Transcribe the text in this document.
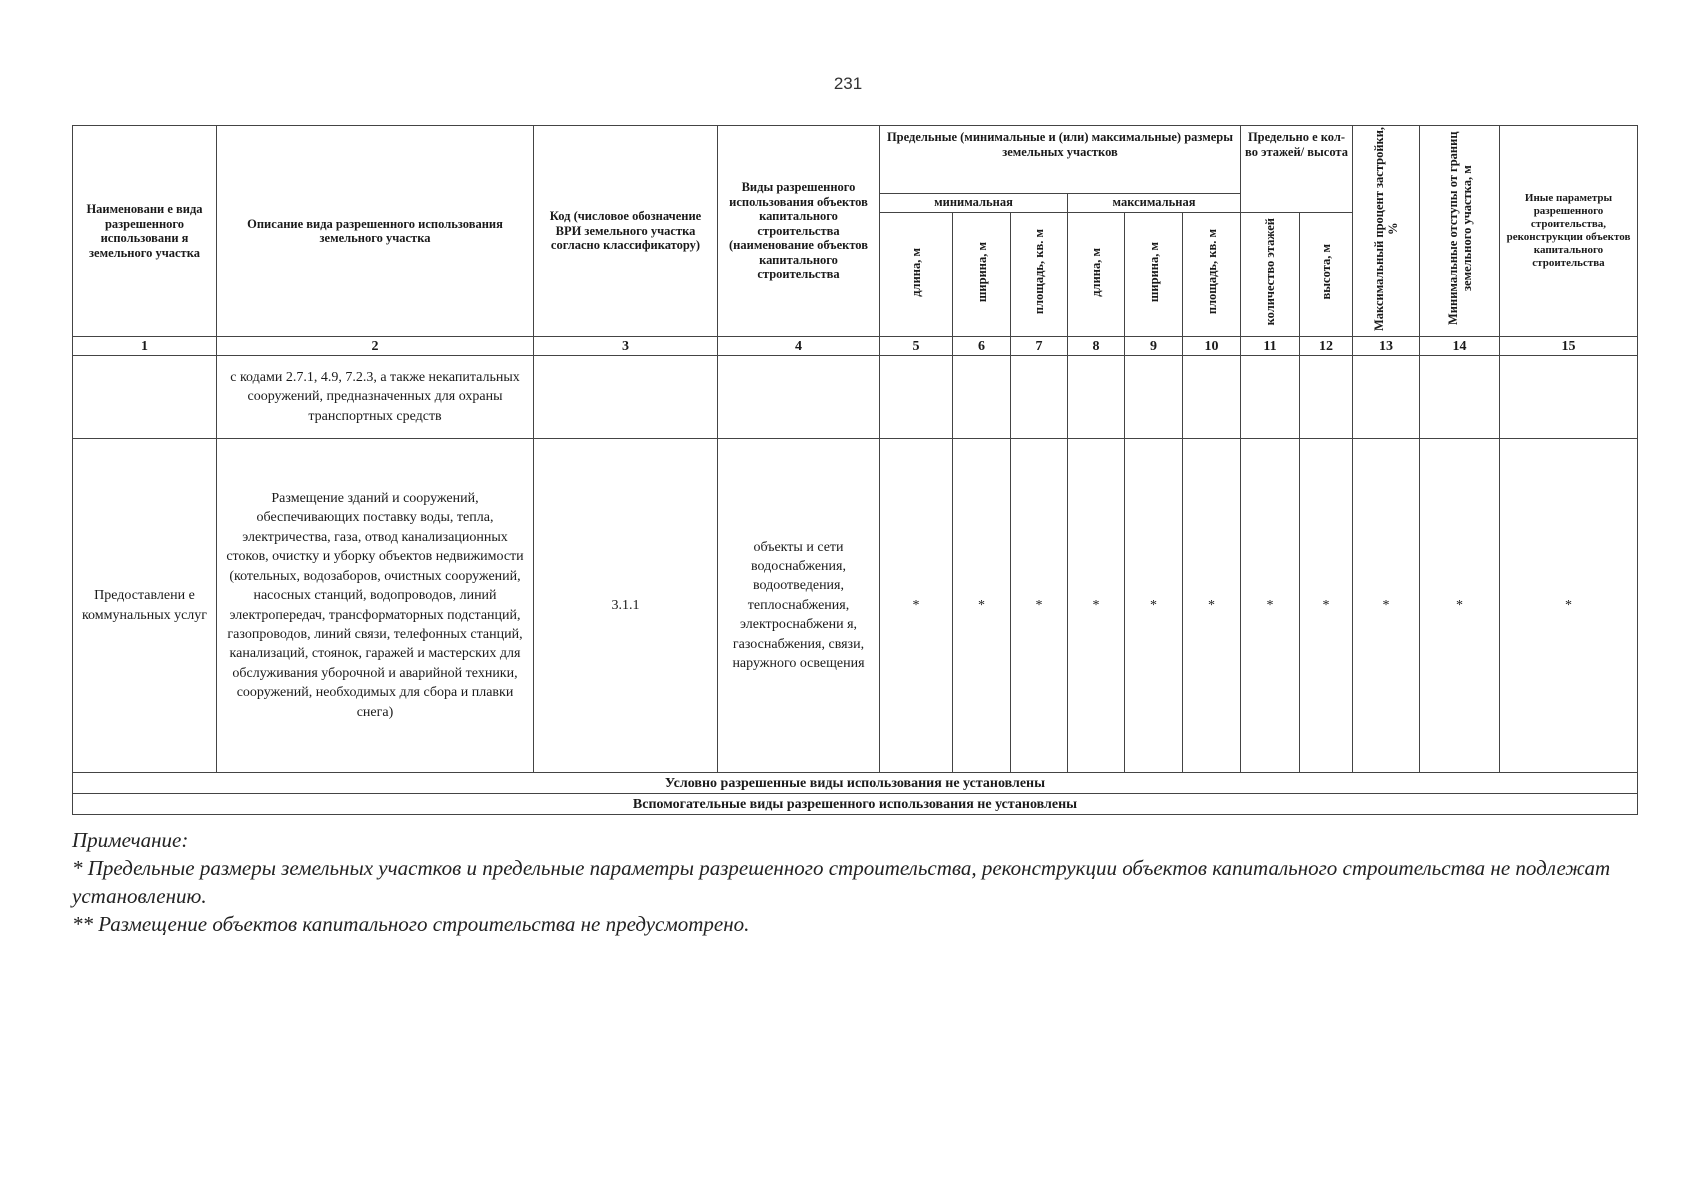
231
Наименовани е вида разрешенного использовани я земельного участка	Описание вида разрешенного использования земельного участка	Код (числовое обозначение ВРИ земельного участка согласно классификатору)	Виды разрешенного использования объектов капитального строительства (наименование объектов капитального строительства	Предельные (минимальные и (или) максимальные) размеры земельных участков						Предельно е кол-во этажей/ высота		Максимальный процент застройки, %	Минимальные отступы от границ земельного участка, м	Иные параметры разрешенного строительства, реконструкции объектов капитального строительства
				минимальная			максимальная							
				длина, м	ширина, м	площадь, кв. м	длина, м	ширина, м	площадь, кв. м	количество этажей	высота, м			
1	2	3	4	5	6	7	8	9	10	11	12	13	14	15
	с кодами 2.7.1, 4.9, 7.2.3, а также некапитальных сооружений, предназначенных для охраны транспортных средств													
Предоставлени е коммунальных услуг	Размещение зданий и сооружений, обеспечивающих поставку воды, тепла, электричества, газа, отвод канализационных стоков, очистку и уборку объектов недвижимости (котельных, водозаборов, очистных сооружений, насосных станций, водопроводов, линий электропередач, трансформаторных подстанций, газопроводов, линий связи, телефонных станций, канализаций, стоянок, гаражей и мастерских для обслуживания уборочной и аварийной техники, сооружений, необходимых для сбора и плавки снега)	3.1.1	объекты и сети водоснабжения, водоотведения, теплоснабжения, электроснабжени я, газоснабжения, связи, наружного освещения	*	*	*	*	*	*	*	*	*	*	*
Условно разрешенные виды использования не установлены														
Вспомогательные виды разрешенного использования не установлены														

Примечание:

* Предельные размеры земельных участков и предельные параметры разрешенного строительства, реконструкции объектов капитального строительства не подлежат установлению.

** Размещение объектов капитального строительства не предусмотрено.
